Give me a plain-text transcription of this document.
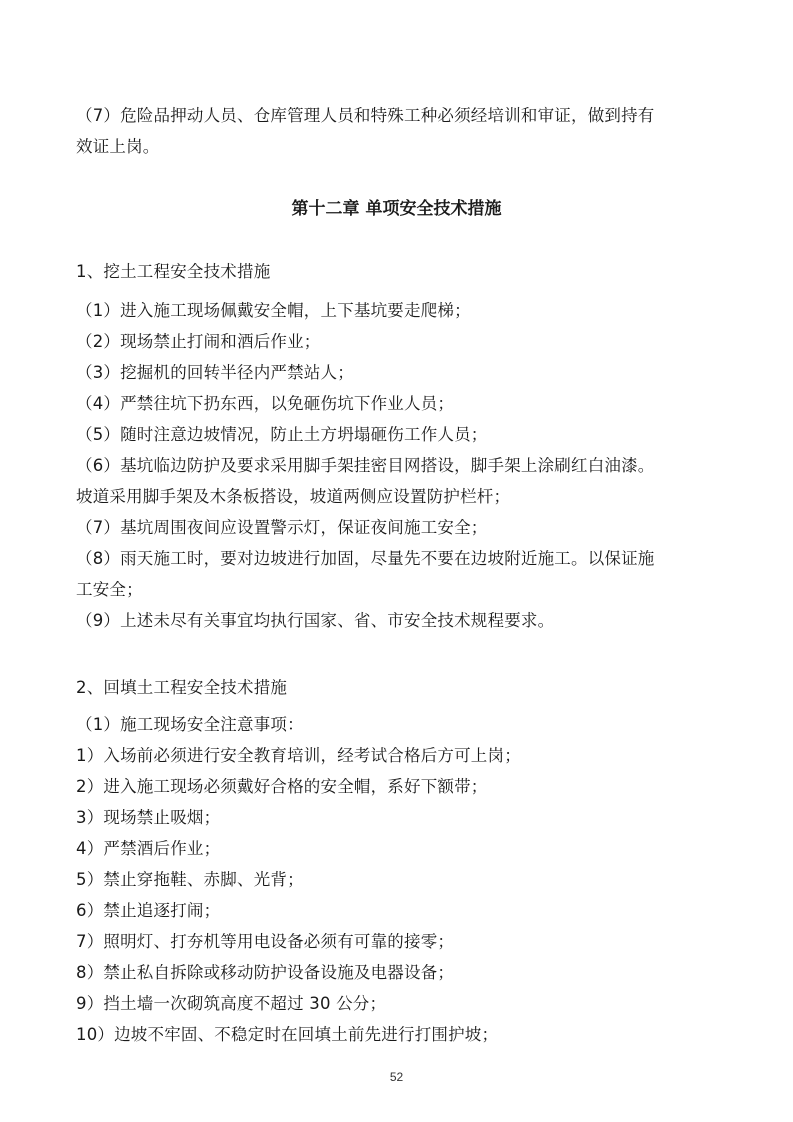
（7）危险品押动人员、仓库管理人员和特殊工种必须经培训和审证，做到持有
效证上岗。
第十二章 单项安全技术措施
1、挖土工程安全技术措施
（1）进入施工现场佩戴安全帽，上下基坑要走爬梯；
（2）现场禁止打闹和酒后作业；
（3）挖掘机的回转半径内严禁站人；
（4）严禁往坑下扔东西，以免砸伤坑下作业人员；
（5）随时注意边坡情况，防止土方坍塌砸伤工作人员；
（6）基坑临边防护及要求采用脚手架挂密目网搭设，脚手架上涂刷红白油漆。
坡道采用脚手架及木条板搭设，坡道两侧应设置防护栏杆；
（7）基坑周围夜间应设置警示灯，保证夜间施工安全；
（8）雨天施工时，要对边坡进行加固，尽量先不要在边坡附近施工。以保证施
工安全；
（9）上述未尽有关事宜均执行国家、省、市安全技术规程要求。
2、回填土工程安全技术措施
（1）施工现场安全注意事项：
1）入场前必须进行安全教育培训，经考试合格后方可上岗；
2）进入施工现场必须戴好合格的安全帽，系好下额带；
3）现场禁止吸烟；
4）严禁酒后作业；
5）禁止穿拖鞋、赤脚、光背；
6）禁止追逐打闹；
7）照明灯、打夯机等用电设备必须有可靠的接零；
8）禁止私自拆除或移动防护设备设施及电器设备；
9）挡土墙一次砌筑高度不超过 30 公分；
10）边坡不牢固、不稳定时在回填土前先进行打围护坡；
52
